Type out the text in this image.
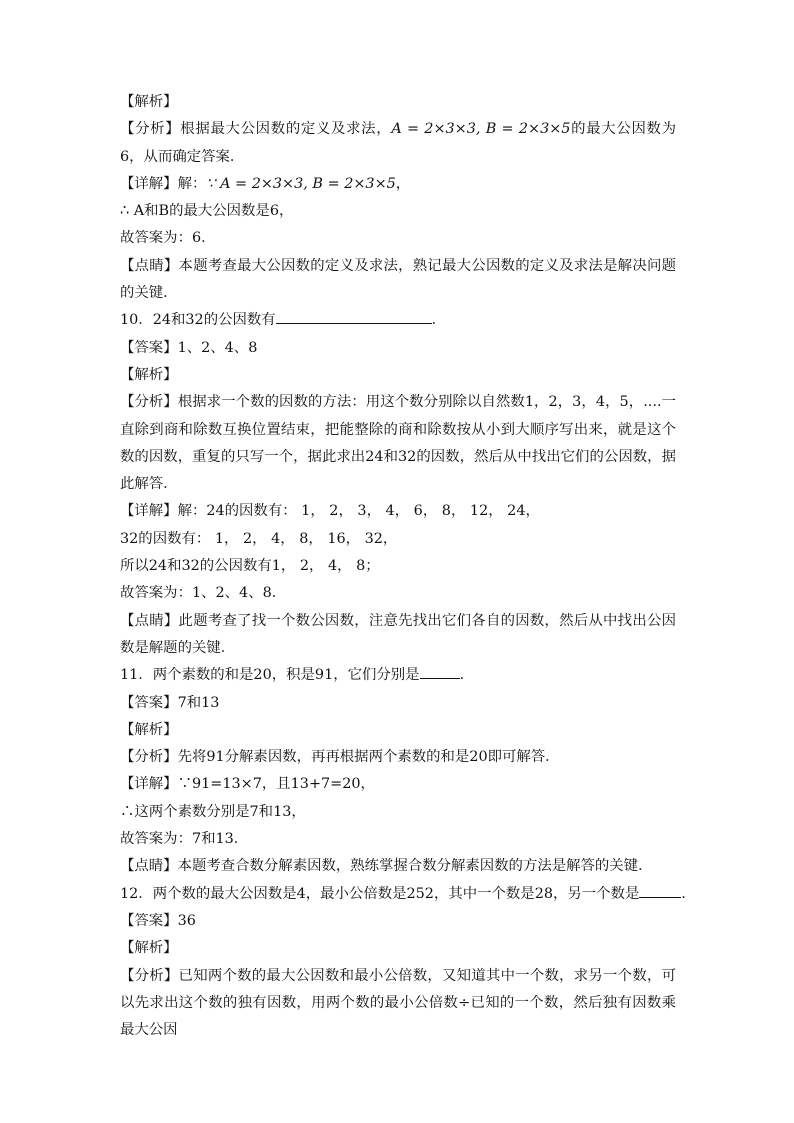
【解析】
【分析】根据最大公因数的定义及求法，A = 2×3×3, B = 2×3×5的最大公因数为6，从而确定答案．
【详解】解：∵ A = 2×3×3, B = 2×3×5，
∴ A和B的最大公因数是6，
故答案为：6．
【点睛】本题考查最大公因数的定义及求法，熟记最大公因数的定义及求法是解决问题的关键．
10．24和32的公因数有	．
【答案】1、2、4、8
【解析】
【分析】根据求一个数的因数的方法：用这个数分别除以自然数1，2，3，4，5，....一直除到商和除数互换位置结束，把能整除的商和除数按从小到大顺序写出来，就是这个数的因数，重复的只写一个，据此求出24和32的因数，然后从中找出它们的公因数，据此解答．
【详解】解：24的因数有： 1， 2， 3， 4， 6， 8， 12， 24，
32的因数有： 1， 2， 4， 8， 16， 32，
所以24和32的公因数有1， 2， 4， 8；
故答案为：1、2、4、8．
【点睛】此题考查了找一个数公因数，注意先找出它们各自的因数，然后从中找出公因数是解题的关键．
11．两个素数的和是20，积是91，它们分别是	．
【答案】7和13
【解析】
【分析】先将91分解素因数，再再根据两个素数的和是20即可解答．
【详解】∵91=13×7，且13+7=20，
∴这两个素数分别是7和13，
故答案为：7和13．
【点睛】本题考查合数分解素因数，熟练掌握合数分解素因数的方法是解答的关键．
12．两个数的最大公因数是4，最小公倍数是252，其中一个数是28，另一个数是	．
【答案】36
【解析】
【分析】已知两个数的最大公因数和最小公倍数，又知道其中一个数，求另一个数，可以先求出这个数的独有因数，用两个数的最小公倍数÷已知的一个数，然后独有因数乘最大公因
